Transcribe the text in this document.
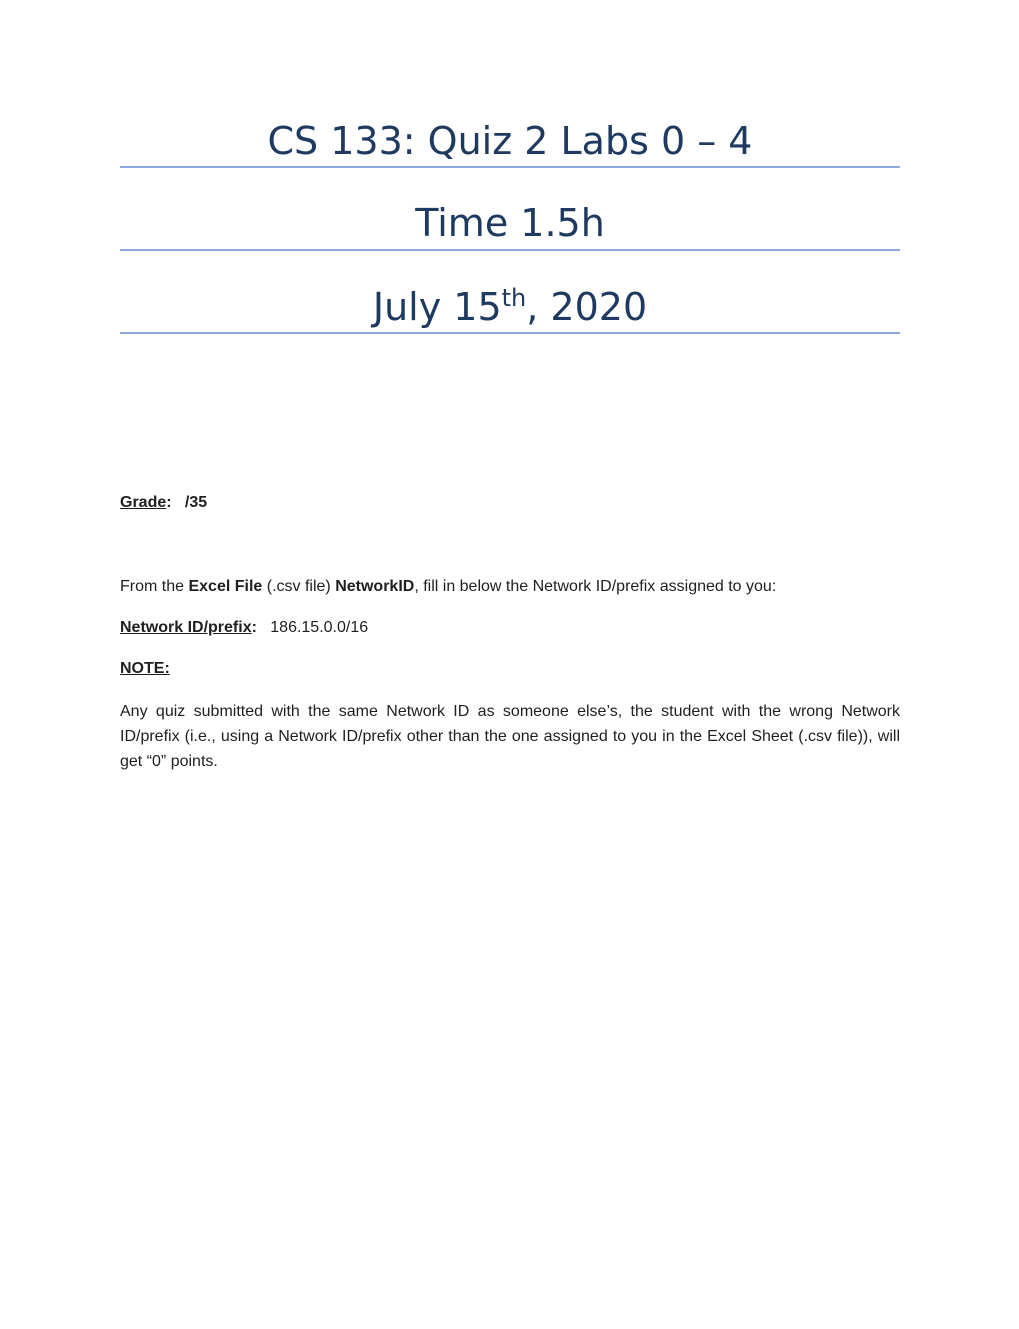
CS 133: Quiz 2 Labs 0 – 4
Time 1.5h
July 15th, 2020
Grade: /35
From the Excel File (.csv file) NetworkID, fill in below the Network ID/prefix assigned to you:
Network ID/prefix: 186.15.0.0/16
NOTE:
Any quiz submitted with the same Network ID as someone else’s, the student with the wrong Network ID/prefix (i.e., using a Network ID/prefix other than the one assigned to you in the Excel Sheet (.csv file)), will get “0” points.
